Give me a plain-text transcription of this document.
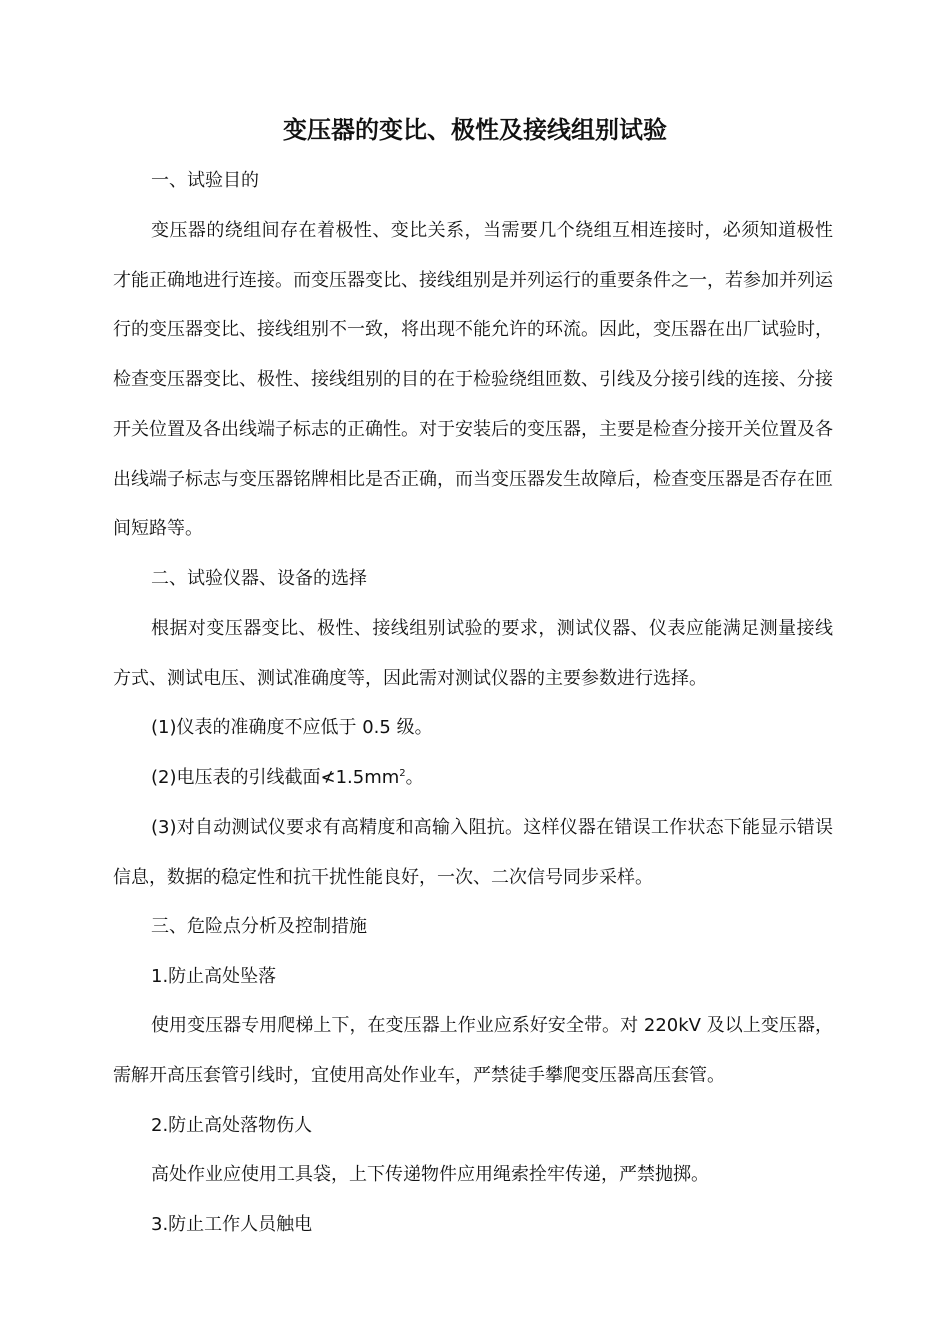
变压器的变比、极性及接线组别试验
一、试验目的
变压器的绕组间存在着极性、变比关系，当需要几个绕组互相连接时，必须知道极性才能正确地进行连接。而变压器变比、接线组别是并列运行的重要条件之一，若参加并列运行的变压器变比、接线组别不一致，将出现不能允许的环流。因此，变压器在出厂试验时，检查变压器变比、极性、接线组别的目的在于检验绕组匝数、引线及分接引线的连接、分接开关位置及各出线端子标志的正确性。对于安装后的变压器，主要是检查分接开关位置及各出线端子标志与变压器铭牌相比是否正确，而当变压器发生故障后，检查变压器是否存在匝间短路等。
二、试验仪器、设备的选择
根据对变压器变比、极性、接线组别试验的要求，测试仪器、仪表应能满足测量接线方式、测试电压、测试准确度等，因此需对测试仪器的主要参数进行选择。
(1)仪表的准确度不应低于 0.5 级。
(2)电压表的引线截面$≮1.5mm^2$。
(3)对自动测试仪要求有高精度和高输入阻抗。这样仪器在错误工作状态下能显示错误信息，数据的稳定性和抗干扰性能良好，一次、二次信号同步采样。
三、危险点分析及控制措施
1.防止高处坠落
使用变压器专用爬梯上下，在变压器上作业应系好安全带。对 220kV 及以上变压器，需解开高压套管引线时，宜使用高处作业车，严禁徒手攀爬变压器高压套管。
2.防止高处落物伤人
高处作业应使用工具袋，上下传递物件应用绳索拴牢传递，严禁抛掷。
3.防止工作人员触电
